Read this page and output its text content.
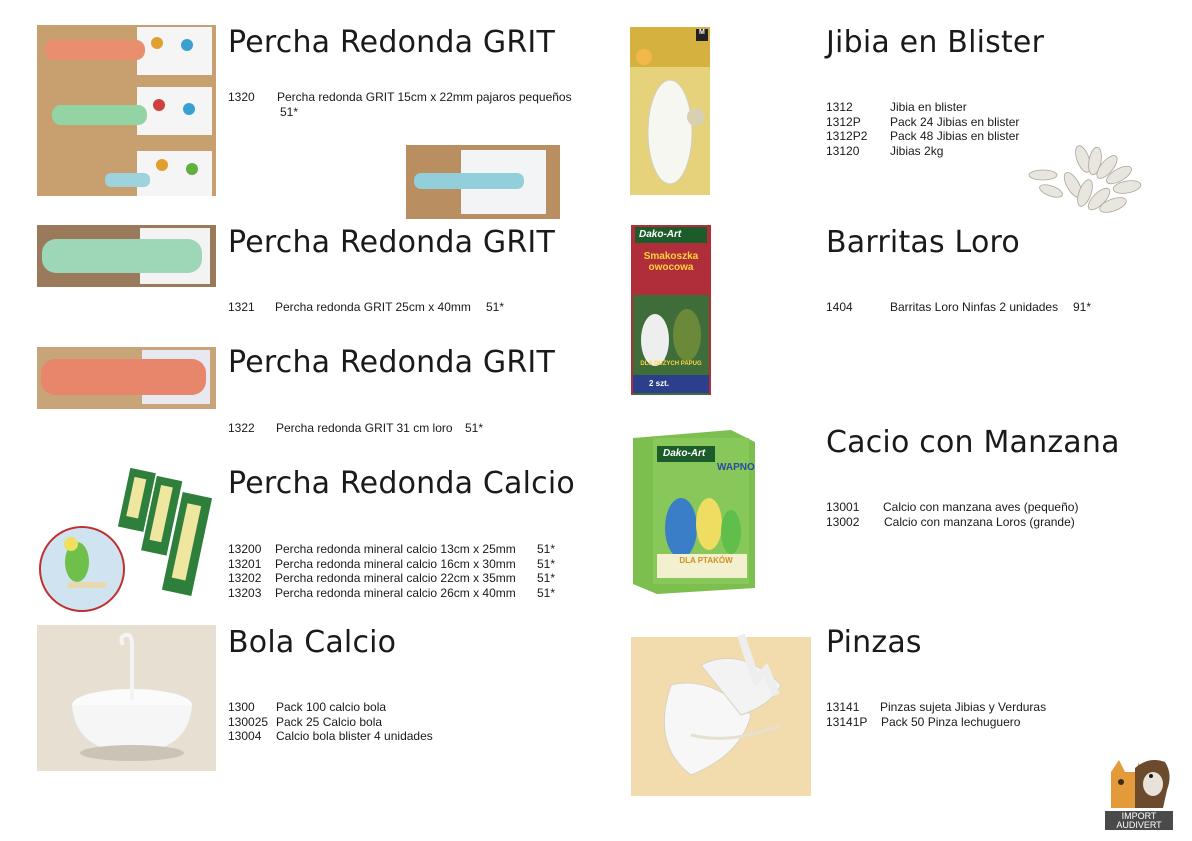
Percha Redonda GRIT
1320 Percha redonda GRIT 15cm x 22mm pajaros pequeños
51*
Percha Redonda GRIT
1321 Percha redonda GRIT 25cm x 40mm 51*
Percha Redonda GRIT
1322 Percha redonda GRIT 31 cm loro 51*
Percha Redonda Calcio
13200 Percha redonda mineral calcio 13cm x 25mm 51*
13201 Percha redonda mineral calcio 16cm x 30mm 51*
13202 Percha redonda mineral calcio 22cm x 35mm 51*
13203 Percha redonda mineral calcio 26cm x 40mm 51*
Bola Calcio
1300 Pack 100 calcio bola
130025 Pack 25 Calcio bola
13004 Calcio bola blister 4 unidades
M	Jibia en Blister
1312	Jibia en blister
1312P Pack 24 Jibias en blister
1312P2 Pack 48 Jibias en blister
13120	Jibias 2kg
Dako-Art
Smakoszka owocowa
DLA DUŻYCH PAPUG
2 szt.
Barritas Loro
1404	Barritas Loro Ninfas 2 unidades 91*
Dako-Art
WAPNO
DLA PTAKÓW
Cacio con Manzana
13001 Calcio con manzana aves (pequeño)
13002 Calcio con manzana Loros (grande)
Pinzas
13141 Pinzas sujeta Jibias y Verduras
13141P Pack 50 Pinza lechuguero
IMPORT
AUDIVERT
